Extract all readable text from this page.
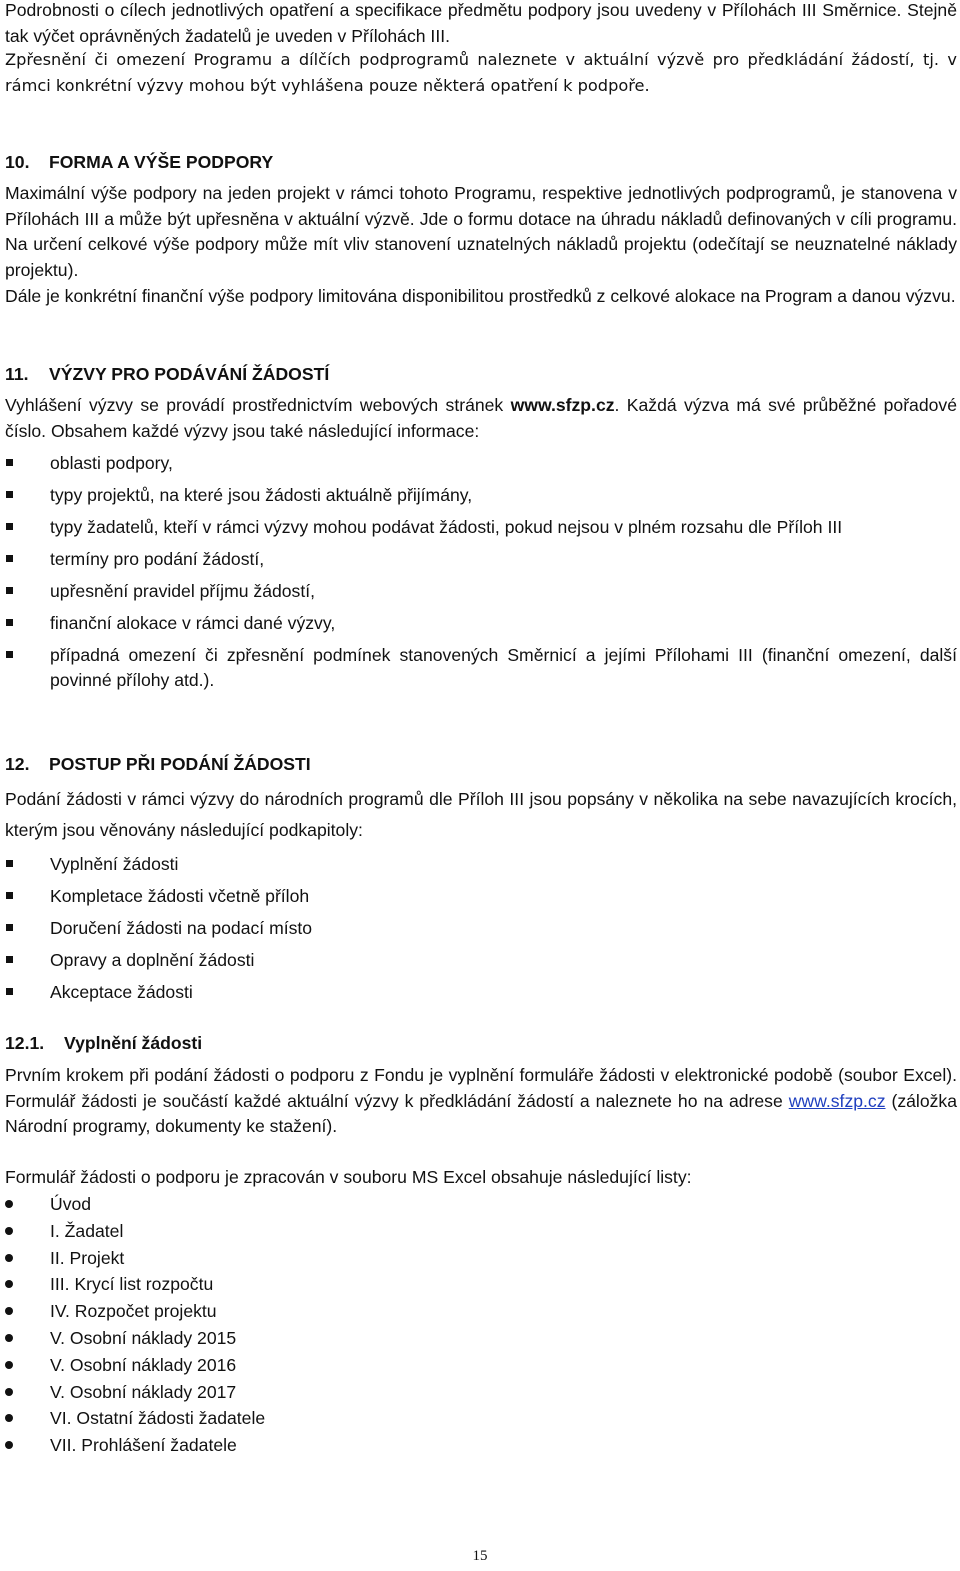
Podrobnosti o cílech jednotlivých opatření a specifikace předmětu podpory jsou uvedeny v Přílohách III Směrnice. Stejně tak výčet oprávněných žadatelů je uveden v Přílohách III.

Zpřesnění či omezení Programu a dílčích podprogramů naleznete v aktuální výzvě pro předkládání žádostí, tj. v rámci konkrétní výzvy mohou být vyhlášena pouze některá opatření k podpoře.

10.	FORMA A VÝŠE PODPORY

Maximální výše podpory na jeden projekt v rámci tohoto Programu, respektive jednotlivých podprogramů, je stanovena v Přílohách III a může být upřesněna v aktuální výzvě. Jde o formu dotace na úhradu nákladů definovaných v cíli programu. Na určení celkové výše podpory může mít vliv stanovení uznatelných nákladů projektu (odečítají se neuznatelné náklady projektu).

Dále je konkrétní finanční výše podpory limitována disponibilitou prostředků z celkové alokace na Program a danou výzvu.

11.	VÝZVY PRO PODÁVÁNÍ ŽÁDOSTÍ

Vyhlášení výzvy se provádí prostřednictvím webových stránek www.sfzp.cz. Každá výzva má své průběžné pořadové číslo. Obsahem každé výzvy jsou také následující informace:

oblasti podpory,
typy projektů, na které jsou žádosti aktuálně přijímány,
typy žadatelů, kteří v rámci výzvy mohou podávat žádosti, pokud nejsou v plném rozsahu dle Příloh III
termíny pro podání žádostí,
upřesnění pravidel příjmu žádostí,
finanční alokace v rámci dané výzvy,
případná omezení či zpřesnění podmínek stanovených Směrnicí a jejími Přílohami III (finanční omezení, další povinné přílohy atd.).
12.	POSTUP PŘI PODÁNÍ ŽÁDOSTI

Podání žádosti v rámci výzvy do národních programů dle Příloh III jsou popsány v několika na sebe navazujících krocích, kterým jsou věnovány následující podkapitoly:

Vyplnění žádosti
Kompletace žádosti včetně příloh
Doručení žádosti na podací místo
Opravy a doplnění žádosti
Akceptace žádosti
12.1.	Vyplnění žádosti

Prvním krokem při podání žádosti o podporu z Fondu je vyplnění formuláře žádosti v elektronické podobě (soubor Excel). Formulář žádosti je součástí každé aktuální výzvy k předkládání žádostí a naleznete ho na adrese www.sfzp.cz (záložka Národní programy, dokumenty ke stažení).

Formulář žádosti o podporu je zpracován v souboru MS Excel obsahuje následující listy:

Úvod
I. Žadatel
II. Projekt
III. Krycí list rozpočtu
IV. Rozpočet projektu
V. Osobní náklady 2015
V. Osobní náklady 2016
V. Osobní náklady 2017
VI. Ostatní žádosti žadatele
VII. Prohlášení žadatele
15
